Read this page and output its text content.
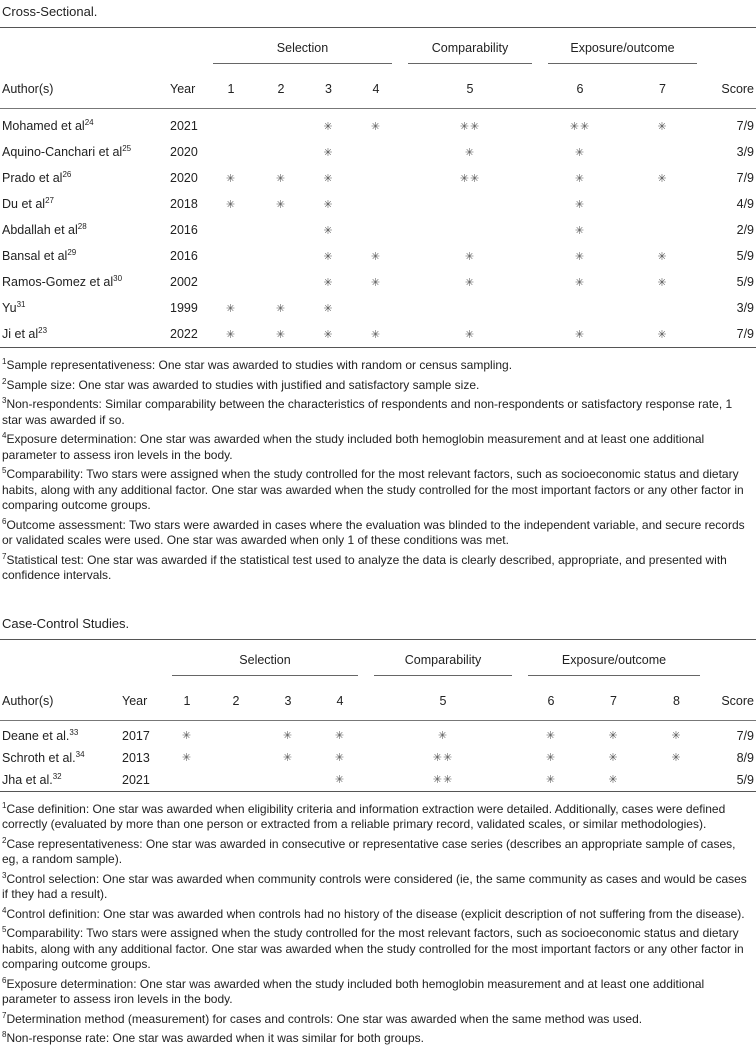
Cross-Sectional.

		Selection				Comparability	Exposure/outcome		

Author(s)	Year	1	2	3	4	5	6	7	Score
Mohamed et $al^{24}$	2021			✳	✳	✳✳	✳✳	✳	7/9
Aquino-Canchari et $al^{25}$	2020			✳		✳	✳		3/9
Prado et $al^{26}$	2020	✳	✳	✳		✳✳	✳	✳	7/9
Du et $al^{27}$	2018	✳	✳	✳			✳		4/9
Abdallah et $al^{28}$	2016			✳			✳		2/9
Bansal et $al^{29}$	2016			✳	✳	✳	✳	✳	5/9
Ramos-Gomez et $al^{30}$	2002			✳	✳	✳	✳	✳	5/9
Yu$^{31}$	1999	✳	✳	✳					3/9
Ji et $al^{23}$	2022	✳	✳	✳	✳	✳	✳	✳	7/9

$^1$Sample representativeness: One star was awarded to studies with random or census sampling.

$^2$Sample size: One star was awarded to studies with justified and satisfactory sample size.

$^3$Non-respondents: Similar comparability between the characteristics of respondents and non-respondents or satisfactory response rate, 1 star was awarded if so.

$^4$Exposure determination: One star was awarded when the study included both hemoglobin measurement and at least one additional parameter to assess iron levels in the body.

$^5$Comparability: Two stars were assigned when the study controlled for the most relevant factors, such as socioeconomic status and dietary habits, along with any additional factor. One star was awarded when the study controlled for the most important factors or any other factor in comparing outcome groups.

$^6$Outcome assessment: Two stars were awarded in cases where the evaluation was blinded to the independent variable, and secure records or validated scales were used. One star was awarded when only 1 of these conditions was met.

$^7$Statistical test: One star was awarded if the statistical test used to analyze the data is clearly described, appropriate, and presented with confidence intervals.

Case-Control Studies.

		Selection				Comparability	Exposure/outcome			

Author(s)	Year	1	2	3	4	5	6	7	8	Score
Deane et al.$^{33}$	2017	✳		✳	✳	✳	✳	✳	✳	7/9
Schroth et al.$^{34}$	2013	✳		✳	✳	✳✳	✳	✳	✳	8/9
Jha et al.$^{32}$	2021				✳	✳✳	✳	✳		5/9

$^1$Case definition: One star was awarded when eligibility criteria and information extraction were detailed. Additionally, cases were defined correctly (evaluated by more than one person or extracted from a reliable primary record, validated scales, or similar methodologies).

$^2$Case representativeness: One star was awarded in consecutive or representative case series (describes an appropriate sample of cases, eg, a random sample).

$^3$Control selection: One star was awarded when community controls were considered (ie, the same community as cases and would be cases if they had a result).

$^4$Control definition: One star was awarded when controls had no history of the disease (explicit description of not suffering from the disease).

$^5$Comparability: Two stars were assigned when the study controlled for the most relevant factors, such as socioeconomic status and dietary habits, along with any additional factor. One star was awarded when the study controlled for the most important factors or any other factor in comparing outcome groups.

$^6$Exposure determination: One star was awarded when the study included both hemoglobin measurement and at least one additional parameter to assess iron levels in the body.

$^7$Determination method (measurement) for cases and controls: One star was awarded when the same method was used.

$^8$Non-response rate: One star was awarded when it was similar for both groups.
